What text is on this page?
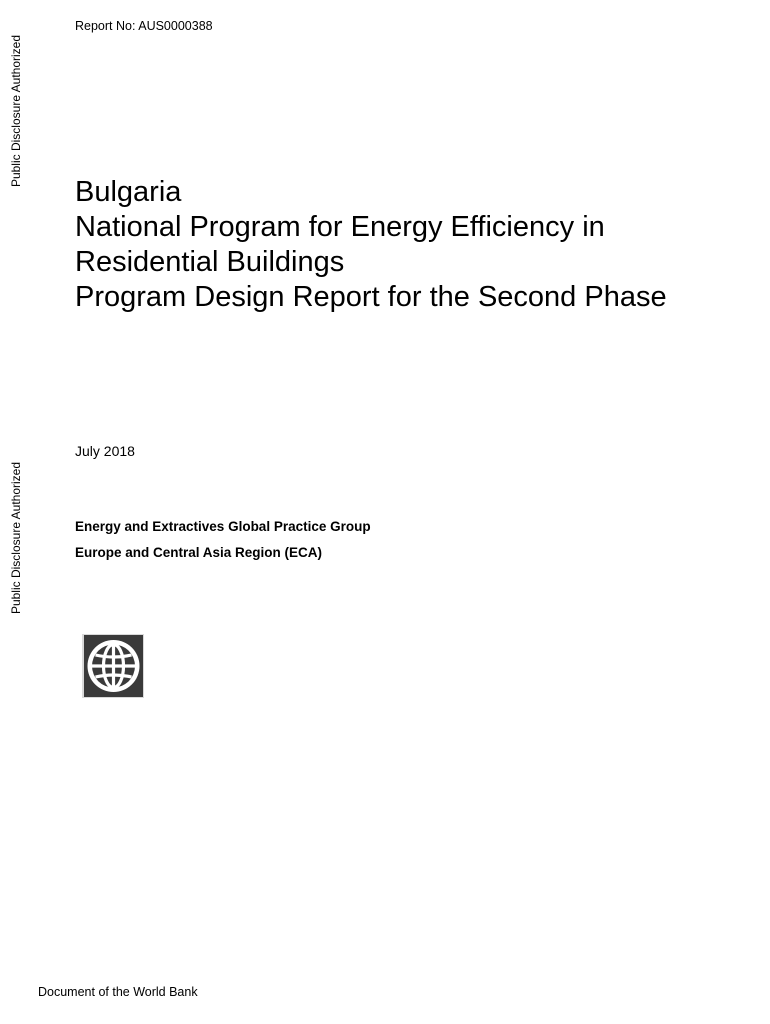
Public Disclosure Authorized
Public Disclosure Authorized
Report No: AUS0000388
Bulgaria
National Program for Energy Efficiency in
Residential Buildings
Program Design Report for the Second Phase
July 2018
Energy and Extractives Global Practice Group
Europe and Central Asia Region (ECA)
Document of the World Bank
